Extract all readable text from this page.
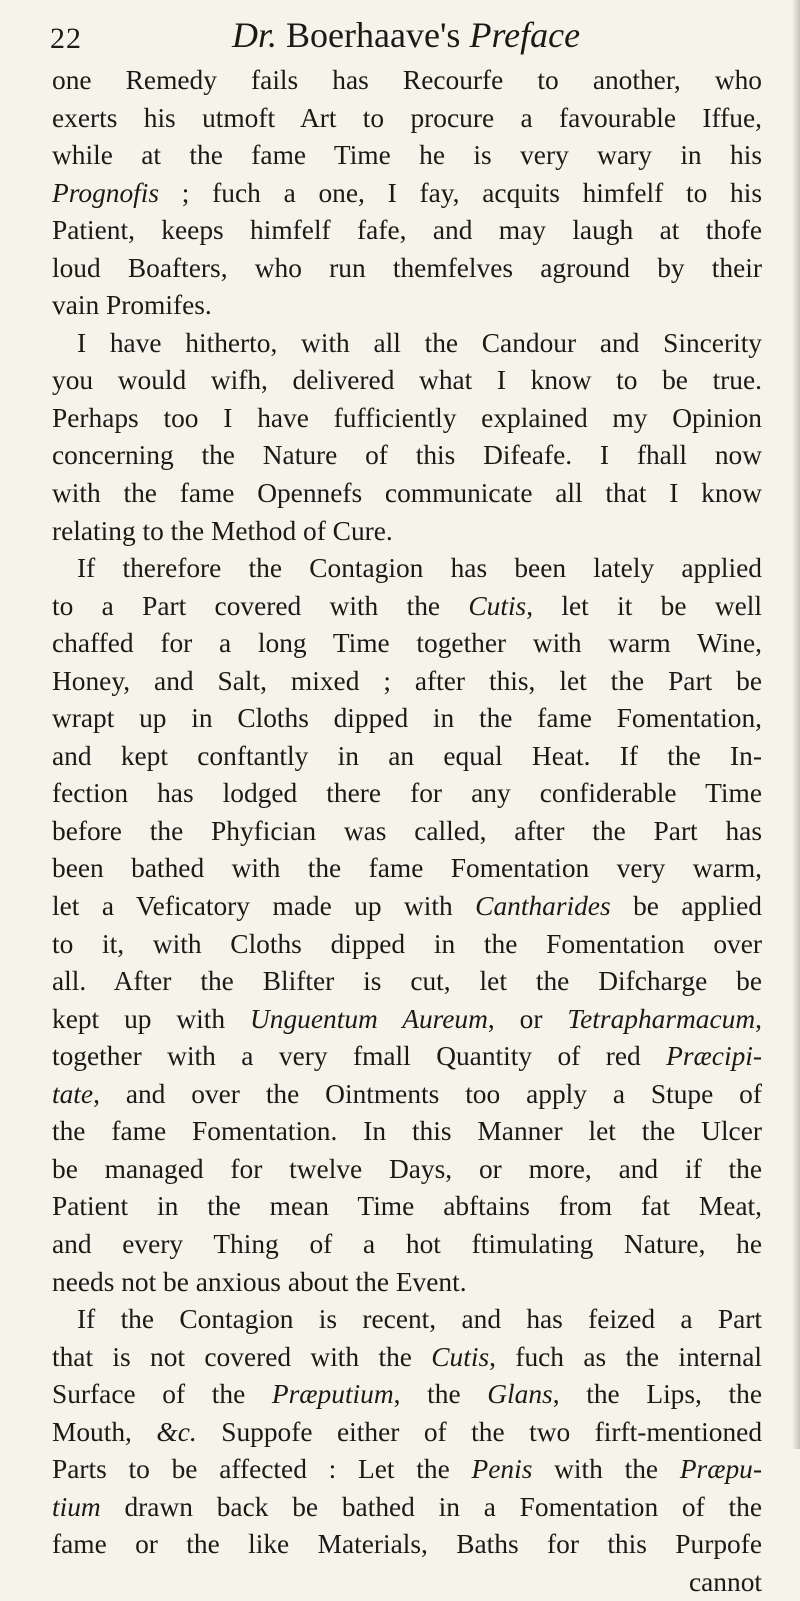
22	Dr. Boerhaave's Preface
one Remedy fails has Recourfe to another, who
exerts his utmoft Art to procure a favourable Iffue,
while at the fame Time he is very wary in his
Prognofis ; fuch a one, I fay, acquits himfelf to his
Patient, keeps himfelf fafe, and may laugh at thofe
loud Boafters, who run themfelves aground by their
vain Promifes.
I have hitherto, with all the Candour and Sincerity
you would wifh, delivered what I know to be true.
Perhaps too I have fufficiently explained my Opinion
concerning the Nature of this Difeafe. I fhall now
with the fame Opennefs communicate all that I know
relating to the Method of Cure.
If therefore the Contagion has been lately applied
to a Part covered with the Cutis, let it be well
chaffed for a long Time together with warm Wine,
Honey, and Salt, mixed ; after this, let the Part be
wrapt up in Cloths dipped in the fame Fomentation,
and kept conftantly in an equal Heat. If the In-
fection has lodged there for any confiderable Time
before the Phyfician was called, after the Part has
been bathed with the fame Fomentation very warm,
let a Veficatory made up with Cantharides be applied
to it, with Cloths dipped in the Fomentation over
all. After the Blifter is cut, let the Difcharge be
kept up with Unguentum Aureum, or Tetrapharmacum,
together with a very fmall Quantity of red Præcipi-
tate, and over the Ointments too apply a Stupe of
the fame Fomentation. In this Manner let the Ulcer
be managed for twelve Days, or more, and if the
Patient in the mean Time abftains from fat Meat,
and every Thing of a hot ftimulating Nature, he
needs not be anxious about the Event.
If the Contagion is recent, and has feized a Part
that is not covered with the Cutis, fuch as the internal
Surface of the Præputium, the Glans, the Lips, the
Mouth, &c. Suppofe either of the two firft-mentioned
Parts to be affected : Let the Penis with the Præpu-
tium drawn back be bathed in a Fomentation of the
fame or the like Materials, Baths for this Purpofe
cannot
